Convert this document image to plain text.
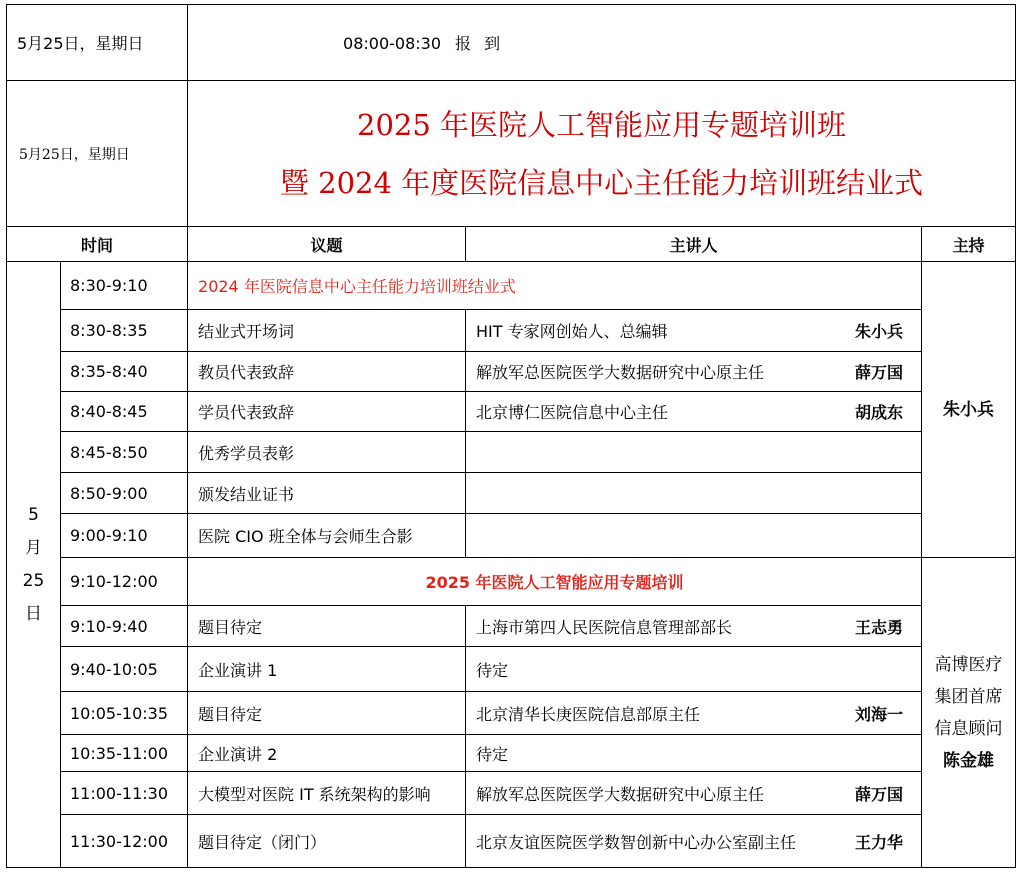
5月25日，星期日		08:00-08:30 报 到		
5月25日，星期日		2025 年医院人工智能应用专题培训班
暨 2024 年度医院信息中心主任能力培训班结业式		

时间		议题	主讲人	主持

5
月
25
日	8:30-9:10	2024 年医院信息中心主任能力培训班结业式		朱小兵
	8:30-8:35	结业式开场词	HIT 专家网创始人、总编辑 朱小兵	

	8:35-8:40	教员代表致辞	解放军总医院医学大数据研究中心原主任 薛万国	

	8:40-8:45	学员代表致辞	北京博仁医院信息中心主任 胡成东	

	8:45-8:50	优秀学员表彰		

	8:50-9:00	颁发结业证书		

	9:00-9:10	医院 CIO 班全体与会师生合影		

	9:10-12:00	2025 年医院人工智能应用专题培训		高博医疗
集团首席
信息顾问
陈金雄

	9:10-9:40	题目待定	上海市第四人民医院信息管理部部长 王志勇	

	9:40-10:05	企业演讲 1	待定	

	10:05-10:35	题目待定	北京清华长庚医院信息部原主任 刘海一	

	10:35-11:00	企业演讲 2	待定	

	11:00-11:30	大模型对医院 IT 系统架构的影响	解放军总医院医学大数据研究中心原主任 薛万国	

	11:30-12:00	题目待定（闭门）	北京友谊医院医学数智创新中心办公室副主任 王力华	
